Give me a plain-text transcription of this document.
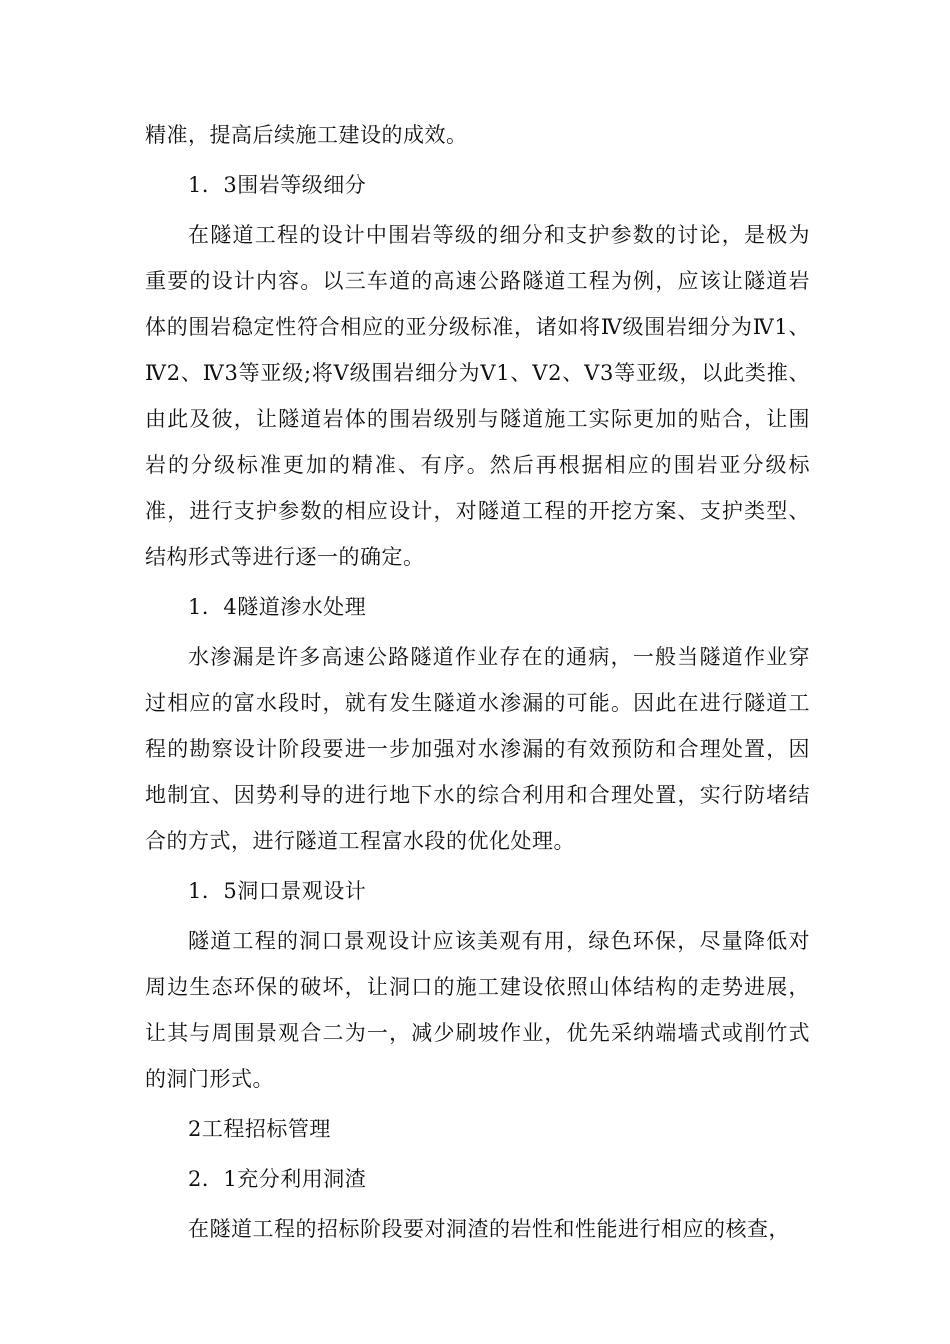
精准，提高后续施工建设的成效。

1．3围岩等级细分

在隧道工程的设计中围岩等级的细分和支护参数的讨论，是极为重要的设计内容。以三车道的高速公路隧道工程为例，应该让隧道岩体的围岩稳定性符合相应的亚分级标准，诸如将Ⅳ级围岩细分为Ⅳ1、Ⅳ2、Ⅳ3等亚级;将Ⅴ级围岩细分为Ⅴ1、Ⅴ2、Ⅴ3等亚级，以此类推、由此及彼，让隧道岩体的围岩级别与隧道施工实际更加的贴合，让围岩的分级标准更加的精准、有序。然后再根据相应的围岩亚分级标准，进行支护参数的相应设计，对隧道工程的开挖方案、支护类型、结构形式等进行逐一的确定。

1．4隧道渗水处理

水渗漏是许多高速公路隧道作业存在的通病，一般当隧道作业穿过相应的富水段时，就有发生隧道水渗漏的可能。因此在进行隧道工程的勘察设计阶段要进一步加强对水渗漏的有效预防和合理处置，因地制宜、因势利导的进行地下水的综合利用和合理处置，实行防堵结合的方式，进行隧道工程富水段的优化处理。

1．5洞口景观设计

隧道工程的洞口景观设计应该美观有用，绿色环保，尽量降低对周边生态环保的破坏，让洞口的施工建设依照山体结构的走势进展，让其与周围景观合二为一，减少刷坡作业，优先采纳端墙式或削竹式的洞门形式。

2工程招标管理

2．1充分利用洞渣

在隧道工程的招标阶段要对洞渣的岩性和性能进行相应的核查，
